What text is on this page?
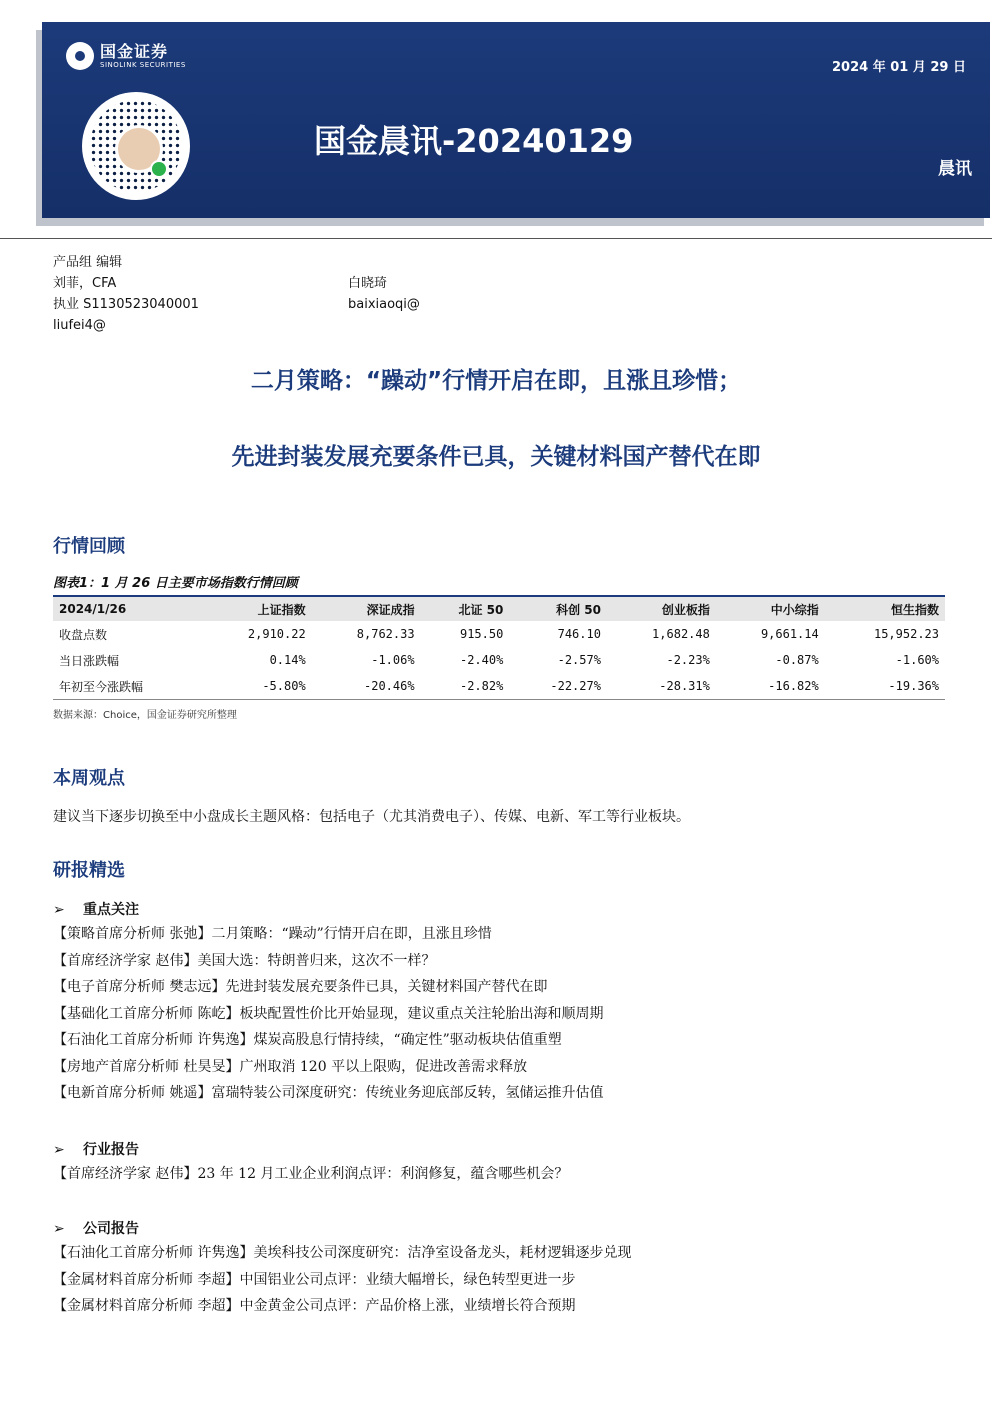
国金证券
SINOLINK SECURITIES	2024 年 01 月 29 日
国金晨讯-20240129
晨讯
产品组 编辑
刘菲，CFA
执业 S1130523040001
liufei4@
白晓琦
baixiaoqi@
二月策略：“躁动”行情开启在即，且涨且珍惜；
先进封装发展充要条件已具，关键材料国产替代在即
行情回顾
图表1：1 月 26 日主要市场指数行情回顾
2024/1/26	上证指数	深证成指	北证 50	科创 50	创业板指	中小综指	恒生指数
收盘点数	2,910.22	8,762.33	915.50	746.10	1,682.48	9,661.14	15,952.23
当日涨跌幅	0.14%	-1.06%	-2.40%	-2.57%	-2.23%	-0.87%	-1.60%
年初至今涨跌幅	-5.80%	-20.46%	-2.82%	-22.27%	-28.31%	-16.82%	-19.36%
数据来源：Choice，国金证券研究所整理
本周观点
建议当下逐步切换至中小盘成长主题风格：包括电子（尤其消费电子）、传媒、电新、军工等行业板块。
研报精选
➢ 重点关注
【策略首席分析师 张弛】二月策略：“躁动”行情开启在即，且涨且珍惜
【首席经济学家 赵伟】美国大选：特朗普归来，这次不一样？
【电子首席分析师 樊志远】先进封装发展充要条件已具，关键材料国产替代在即
【基础化工首席分析师 陈屹】板块配置性价比开始显现，建议重点关注轮胎出海和顺周期
【石油化工首席分析师 许隽逸】煤炭高股息行情持续，“确定性”驱动板块估值重塑
【房地产首席分析师 杜昊旻】广州取消 120 平以上限购，促进改善需求释放
【电新首席分析师 姚遥】富瑞特装公司深度研究：传统业务迎底部反转，氢储运推升估值
➢ 行业报告
【首席经济学家 赵伟】23 年 12 月工业企业利润点评：利润修复，蕴含哪些机会？
➢ 公司报告
【石油化工首席分析师 许隽逸】美埃科技公司深度研究：洁净室设备龙头，耗材逻辑逐步兑现
【金属材料首席分析师 李超】中国铝业公司点评：业绩大幅增长，绿色转型更进一步
【金属材料首席分析师 李超】中金黄金公司点评：产品价格上涨，业绩增长符合预期
